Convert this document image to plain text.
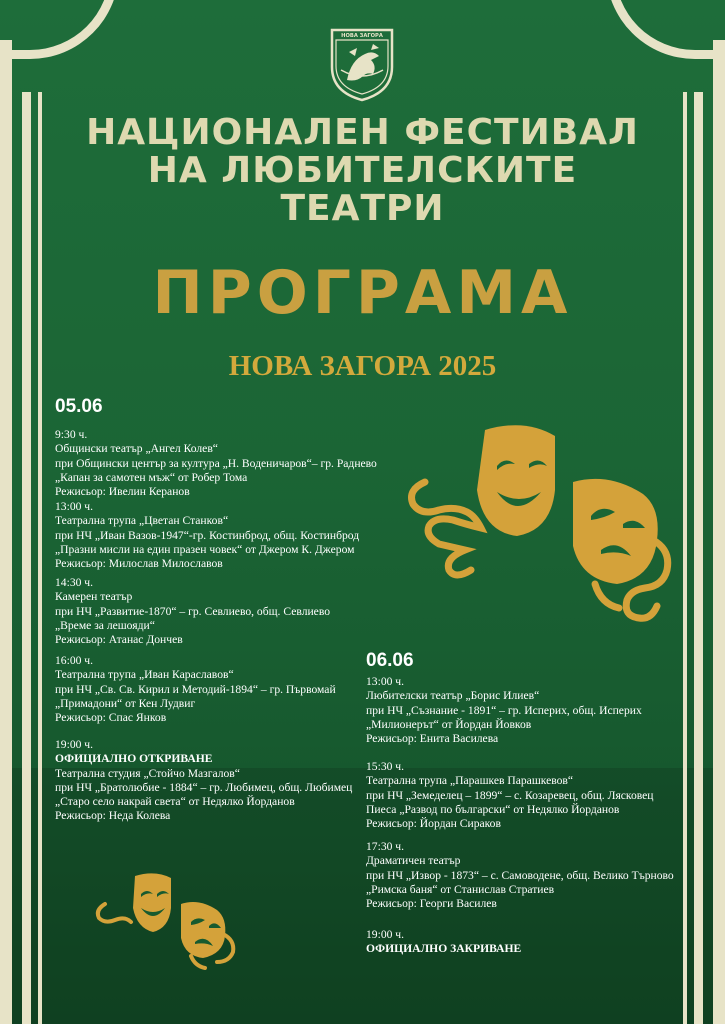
НОВА ЗАГОРА
НАЦИОНАЛЕН ФЕСТИВАЛ
НА ЛЮБИТЕЛСКИТЕ
ТЕАТРИ
ПРОГРАМА
НОВА ЗАГОРА 2025
05.06
9:30 ч.
Общински театър „Ангел Колев“
при Общински център за култура „Н. Воденичаров“– гр. Раднево
„Капан за самотен мъж“ от Робер Тома
Режисьор: Ивелин Керанов
13:00 ч.
Театрална трупа „Цветан Станков“
при НЧ „Иван Вазов-1947“-гр. Костинброд, общ. Костинброд
„Празни мисли на един празен човек“ от Джером К. Джером
Режисьор: Милослав Милославов
14:30 ч.
Камерен театър
при НЧ „Развитие-1870“ – гр. Севлиево, общ. Севлиево
„Време за лешояди“
Режисьор: Атанас Дончев
16:00 ч.
Театрална трупа „Иван Караславов“
при НЧ „Св. Св. Кирил и Методий-1894“ – гр. Първомай
„Примадони“ от Кен Лудвиг
Режисьор: Спас Янков
19:00 ч.
ОФИЦИАЛНО ОТКРИВАНЕ
Театрална студия „Стойчо Мазгалов“
при НЧ „Братолюбие - 1884“ – гр. Любимец, общ. Любимец
„Старо село накрай света“ от Недялко Йорданов
Режисьор: Неда Колева
06.06
13:00 ч.
Любителски театър „Борис Илиев“
при НЧ „Съзнание - 1891“ – гр. Исперих, общ. Исперих
„Милионерът“ от Йордан Йовков
Режисьор: Енита Василева
15:30 ч.
Театрална трупа „Парашкев Парашкевов“
при НЧ „Земеделец – 1899“ – с. Козаревец, общ. Лясковец
Пиеса „Развод по български“ от Недялко Йорданов
Режисьор: Йордан Сираков
17:30 ч.
Драматичен театър
при НЧ „Извор - 1873“ – с. Самоводене, общ. Велико Търново
„Римска баня“ от Станислав Стратиев
Режисьор: Георги Василев
19:00 ч.
ОФИЦИАЛНО ЗАКРИВАНЕ
